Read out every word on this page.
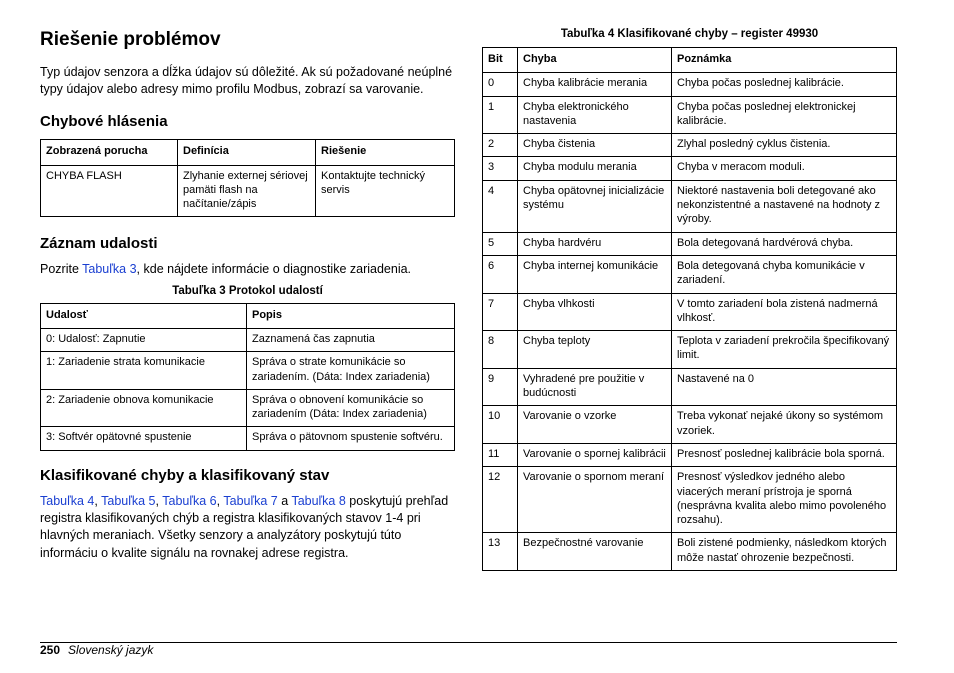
Riešenie problémov

Typ údajov senzora a dĺžka údajov sú dôležité. Ak sú požadované neúplné typy údajov alebo adresy mimo profilu Modbus, zobrazí sa varovanie.

Chybové hlásenia
Zobrazená porucha	Definícia	Riešenie
CHYBA FLASH	Zlyhanie externej sériovej pamäti flash na načítanie/zápis	Kontaktujte technický servis
Záznam udalosti

Pozrite Tabuľka 3, kde nájdete informácie o diagnostike zariadenia.

Tabuľka 3 Protokol udalostí
Udalosť	Popis
0: Udalosť: Zapnutie	Zaznamená čas zapnutia
1: Zariadenie strata komunikacie	Správa o strate komunikácie so zariadením. (Dáta: Index zariadenia)
2: Zariadenie obnova komunikacie	Správa o obnovení komunikácie so zariadením (Dáta: Index zariadenia)
3: Softvér opätovné spustenie	Správa o pätovnom spustenie softvéru.
Klasifikované chyby a klasifikovaný stav

Tabuľka 4, Tabuľka 5, Tabuľka 6, Tabuľka 7 a Tabuľka 8 poskytujú prehľad registra klasifikovaných chýb a registra klasifikovaných stavov 1-4 pri hlavných meraniach. Všetky senzory a analyzátory poskytujú túto informáciu o kvalite signálu na rovnakej adrese registra.

Tabuľka 4 Klasifikované chyby – register 49930
Bit	Chyba	Poznámka
0	Chyba kalibrácie merania	Chyba počas poslednej kalibrácie.
1	Chyba elektronického nastavenia	Chyba počas poslednej elektronickej kalibrácie.
2	Chyba čistenia	Zlyhal posledný cyklus čistenia.
3	Chyba modulu merania	Chyba v meracom moduli.
4	Chyba opätovnej inicializácie systému	Niektoré nastavenia boli detegované ako nekonzistentné a nastavené na hodnoty z výroby.
5	Chyba hardvéru	Bola detegovaná hardvérová chyba.
6	Chyba internej komunikácie	Bola detegovaná chyba komunikácie v zariadení.
7	Chyba vlhkosti	V tomto zariadení bola zistená nadmerná vlhkosť.
8	Chyba teploty	Teplota v zariadení prekročila špecifikovaný limit.
9	Vyhradené pre použitie v budúcnosti	Nastavené na 0
10	Varovanie o vzorke	Treba vykonať nejaké úkony so systémom vzoriek.
11	Varovanie o spornej kalibrácii	Presnosť poslednej kalibrácie bola sporná.
12	Varovanie o spornom meraní	Presnosť výsledkov jedného alebo viacerých meraní prístroja je sporná (nesprávna kvalita alebo mimo povoleného rozsahu).
13	Bezpečnostné varovanie	Boli zistené podmienky, následkom ktorých môže nastať ohrozenie bezpečnosti.
250 Slovenský jazyk
